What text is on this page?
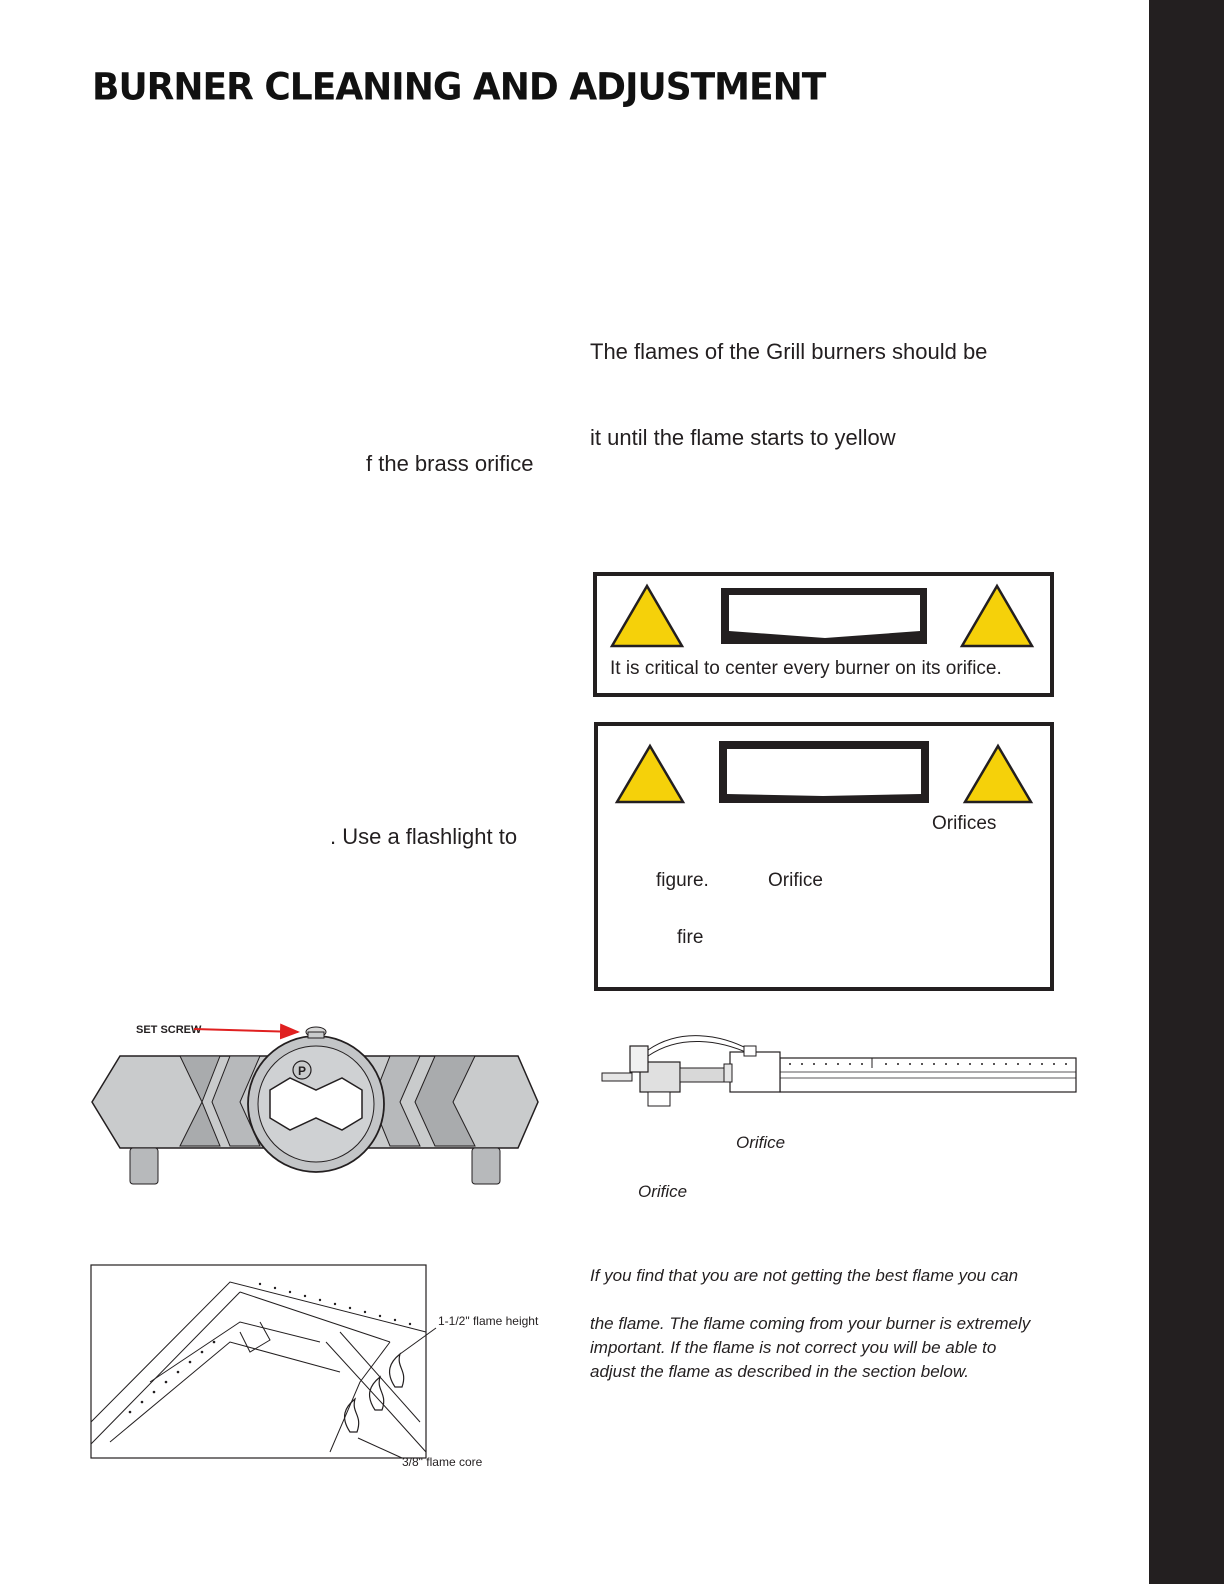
BURNER CLEANING AND ADJUSTMENT
The flames of the Grill burners should be
it until the flame starts to yellow
f the brass orifice
. Use a flashlight to
It is critical to center every burner on its orifice.
Orifices
figure.	Orifice
fire
SET SCREW
P
Orifice
Orifice
1-1/2" flame height
3/8" flame core
If you find that you are not getting the best flame you can
the flame. The flame coming from your burner is extremely
important. If the flame is not correct you will be able to
adjust the flame as described in the section below.
